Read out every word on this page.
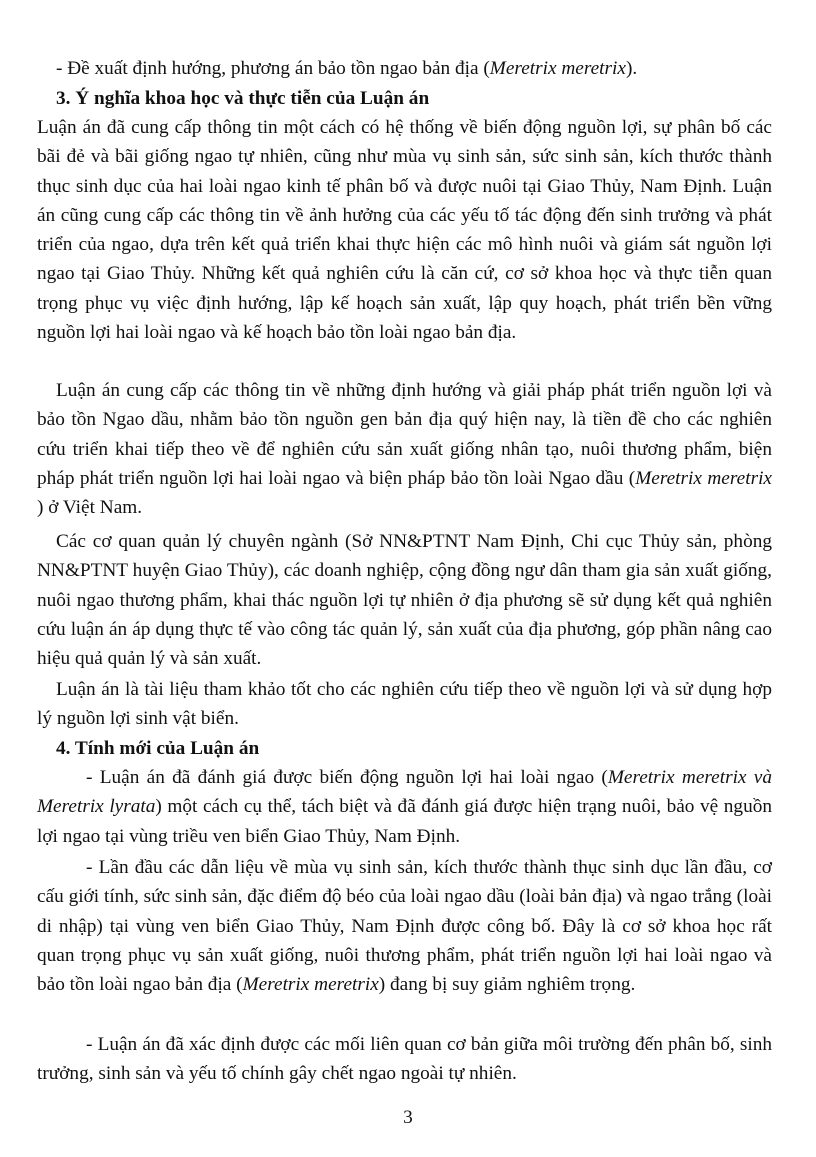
- Đề xuất định hướng, phương án bảo tồn ngao bản địa (Meretrix meretrix).

3. Ý nghĩa khoa học và thực tiễn của Luận án

Luận án đã cung cấp thông tin một cách có hệ thống về biến động nguồn lợi, sự phân bố các bãi đẻ và bãi giống ngao tự nhiên, cũng như mùa vụ sinh sản, sức sinh sản, kích thước thành thục sinh dục của hai loài ngao kinh tế phân bố và được nuôi tại Giao Thủy, Nam Định. Luận án cũng cung cấp các thông tin về ảnh hưởng của các yếu tố tác động đến sinh trưởng và phát triển của ngao, dựa trên kết quả triển khai thực hiện các mô hình nuôi và giám sát nguồn lợi ngao tại Giao Thủy. Những kết quả nghiên cứu là căn cứ, cơ sở khoa học và thực tiễn quan trọng phục vụ việc định hướng, lập kế hoạch sản xuất, lập quy hoạch, phát triển bền vững nguồn lợi hai loài ngao và kế hoạch bảo tồn loài ngao bản địa.

Luận án cung cấp các thông tin về những định hướng và giải pháp phát triển nguồn lợi và bảo tồn Ngao dầu, nhằm bảo tồn nguồn gen bản địa quý hiện nay, là tiền đề cho các nghiên cứu triển khai tiếp theo về để nghiên cứu sản xuất giống nhân tạo, nuôi thương phẩm, biện pháp phát triển nguồn lợi hai loài ngao và biện pháp bảo tồn loài Ngao dầu (Meretrix meretrix ) ở Việt Nam.

Các cơ quan quản lý chuyên ngành (Sở NN&PTNT Nam Định, Chi cục Thủy sản, phòng NN&PTNT huyện Giao Thủy), các doanh nghiệp, cộng đồng ngư dân tham gia sản xuất giống, nuôi ngao thương phẩm, khai thác nguồn lợi tự nhiên ở địa phương sẽ sử dụng kết quả nghiên cứu luận án áp dụng thực tế vào công tác quản lý, sản xuất của địa phương, góp phần nâng cao hiệu quả quản lý và sản xuất.

Luận án là tài liệu tham khảo tốt cho các nghiên cứu tiếp theo về nguồn lợi và sử dụng hợp lý nguồn lợi sinh vật biển.

4. Tính mới của Luận án

- Luận án đã đánh giá được biến động nguồn lợi hai loài ngao (Meretrix meretrix và Meretrix lyrata) một cách cụ thể, tách biệt và đã đánh giá được hiện trạng nuôi, bảo vệ nguồn lợi ngao tại vùng triều ven biển Giao Thủy, Nam Định.

- Lần đầu các dẫn liệu về mùa vụ sinh sản, kích thước thành thục sinh dục lần đầu, cơ cấu giới tính, sức sinh sản, đặc điểm độ béo của loài ngao dầu (loài bản địa) và ngao trắng (loài di nhập) tại vùng ven biển Giao Thủy, Nam Định được công bố. Đây là cơ sở khoa học rất quan trọng phục vụ sản xuất giống, nuôi thương phẩm, phát triển nguồn lợi hai loài ngao và bảo tồn loài ngao bản địa (Meretrix meretrix) đang bị suy giảm nghiêm trọng.

- Luận án đã xác định được các mối liên quan cơ bản giữa môi trường đến phân bố, sinh trưởng, sinh sản và yếu tố chính gây chết ngao ngoài tự nhiên.

3
